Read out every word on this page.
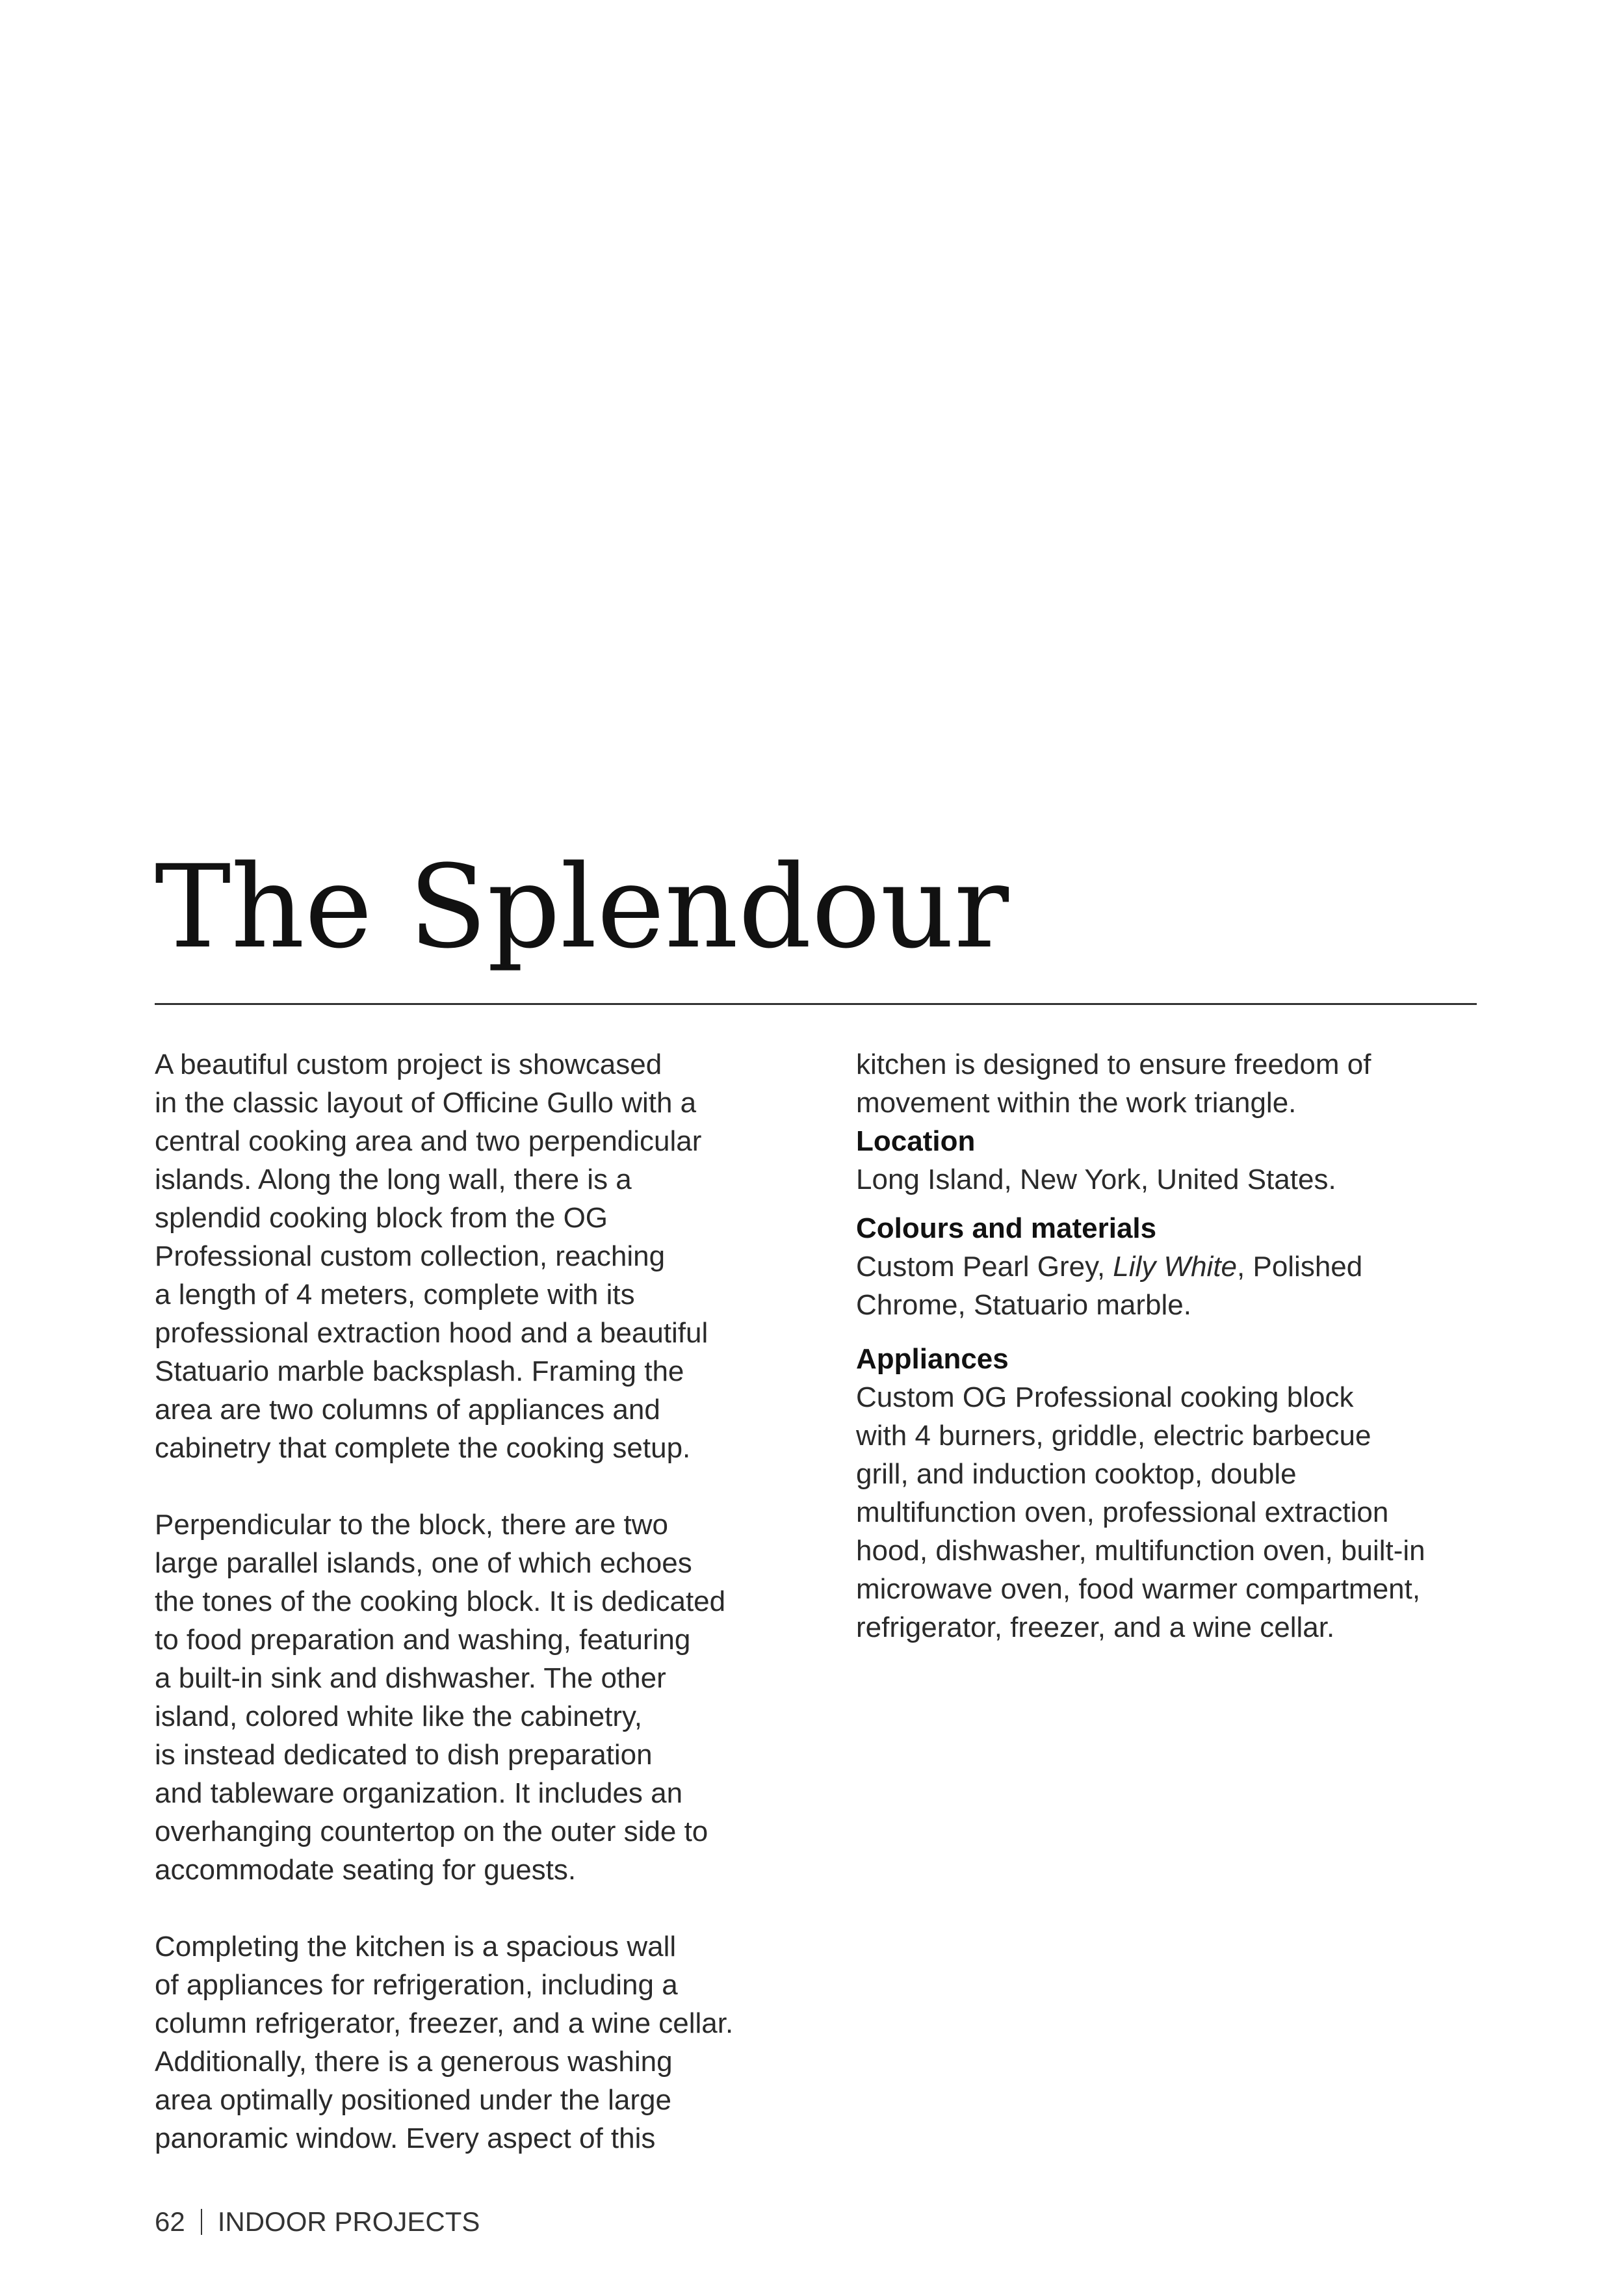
The Splendour

A beautiful custom project is showcased
in the classic layout of Officine Gullo with a
central cooking area and two perpendicular
islands. Along the long wall, there is a
splendid cooking block from the OG
Professional custom collection, reaching
a length of 4 meters, complete with its
professional extraction hood and a beautiful
Statuario marble backsplash. Framing the
area are two columns of appliances and
cabinetry that complete the cooking setup.

Perpendicular to the block, there are two
large parallel islands, one of which echoes
the tones of the cooking block. It is dedicated
to food preparation and washing, featuring
a built-in sink and dishwasher. The other
island, colored white like the cabinetry,
is instead dedicated to dish preparation
and tableware organization. It includes an
overhanging countertop on the outer side to
accommodate seating for guests.

Completing the kitchen is a spacious wall
of appliances for refrigeration, including a
column refrigerator, freezer, and a wine cellar.
Additionally, there is a generous washing
area optimally positioned under the large
panoramic window. Every aspect of this

kitchen is designed to ensure freedom of
movement within the work triangle.
Location
Long Island, New York, United States.
Colours and materials
Custom Pearl Grey, Lily White, Polished
Chrome, Statuario marble.
Appliances
Custom OG Professional cooking block
with 4 burners, griddle, electric barbecue
grill, and induction cooktop, double
multifunction oven, professional extraction
hood, dishwasher, multifunction oven, built-in
microwave oven, food warmer compartment,
refrigerator, freezer, and a wine cellar.
62 INDOOR PROJECTS
